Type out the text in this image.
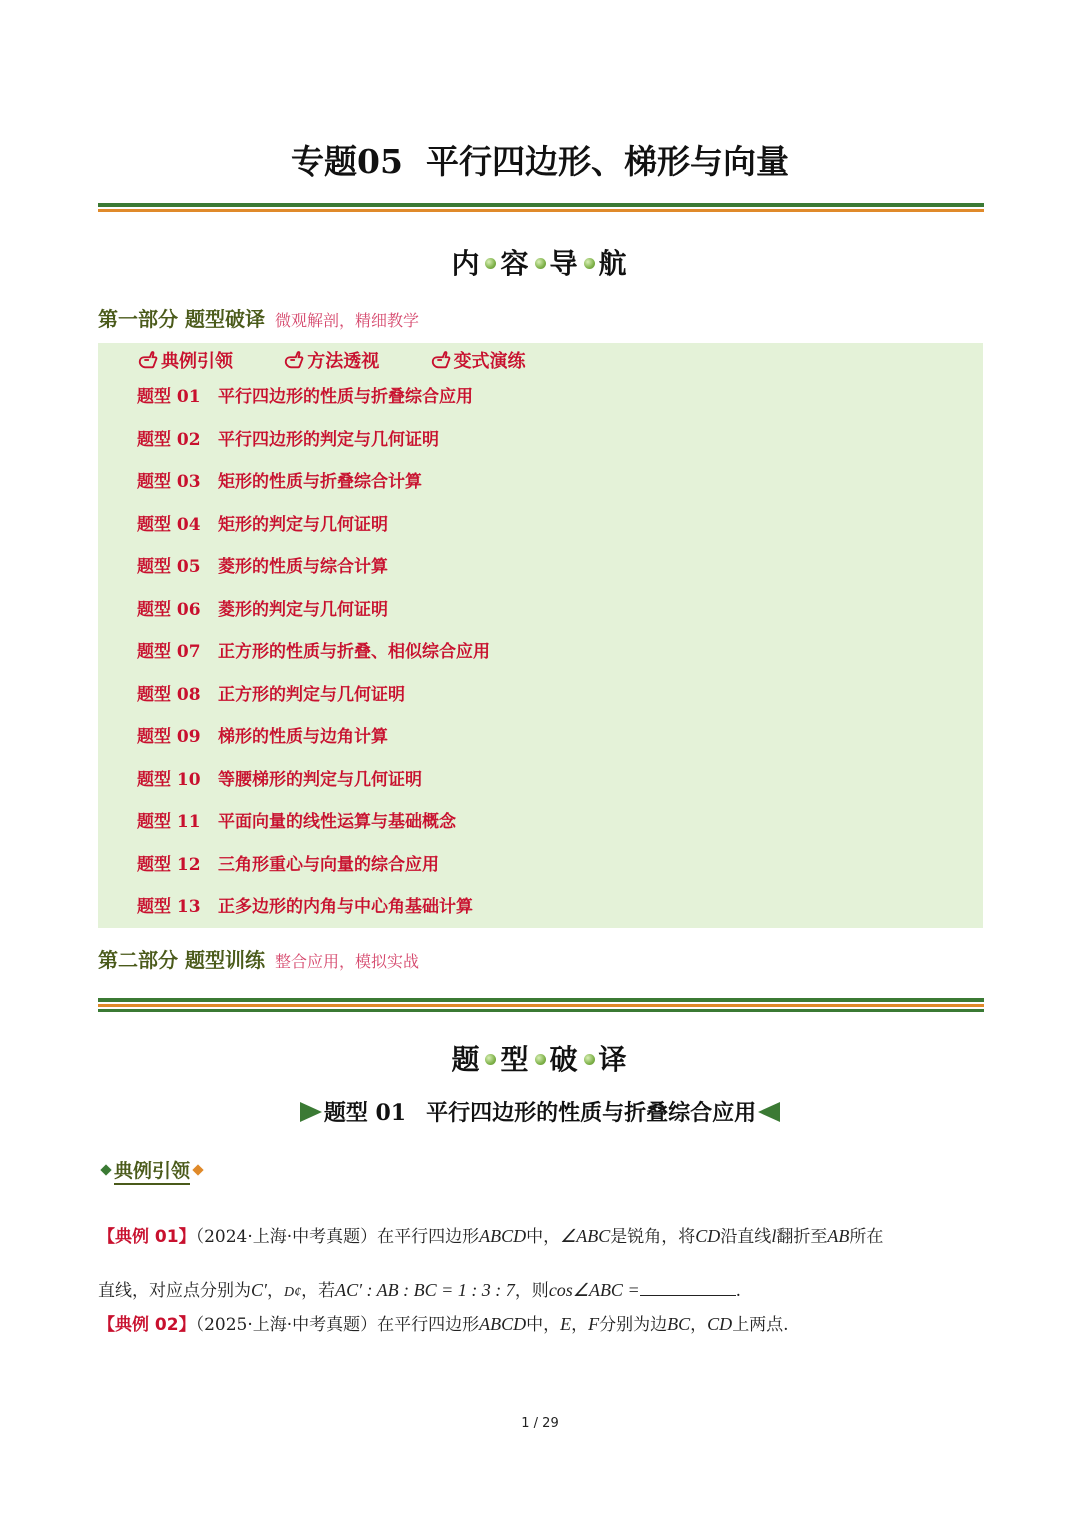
专题05 平行四边形、梯形与向量
内 容 导 航
第一部分 题型破译 微观解剖，精细教学
典例引领	方法透视	变式演练
题型 01 平行四边形的性质与折叠综合应用
题型 02 平行四边形的判定与几何证明
题型 03 矩形的性质与折叠综合计算
题型 04 矩形的判定与几何证明
题型 05 菱形的性质与综合计算
题型 06 菱形的判定与几何证明
题型 07 正方形的性质与折叠、相似综合应用
题型 08 正方形的判定与几何证明
题型 09 梯形的性质与边角计算
题型 10 等腰梯形的判定与几何证明
题型 11 平面向量的线性运算与基础概念
题型 12 三角形重心与向量的综合应用
题型 13 正多边形的内角与中心角基础计算
第二部分 题型训练 整合应用，模拟实战
题 型 破 译
题型 01 平行四边形的性质与折叠综合应用
典例引领
【典例 01】（2024·上海·中考真题）在平行四边形ABCD中，∠ABC是锐角，将CD沿直线l翻折至AB所在
直线，对应点分别为C′，D¢，若AC′ : AB : BC = 1 : 3 : 7，则cos∠ABC =	.
【典例 02】（2025·上海·中考真题）在平行四边形ABCD中，E，F分别为边BC，CD上两点.
1 / 29
